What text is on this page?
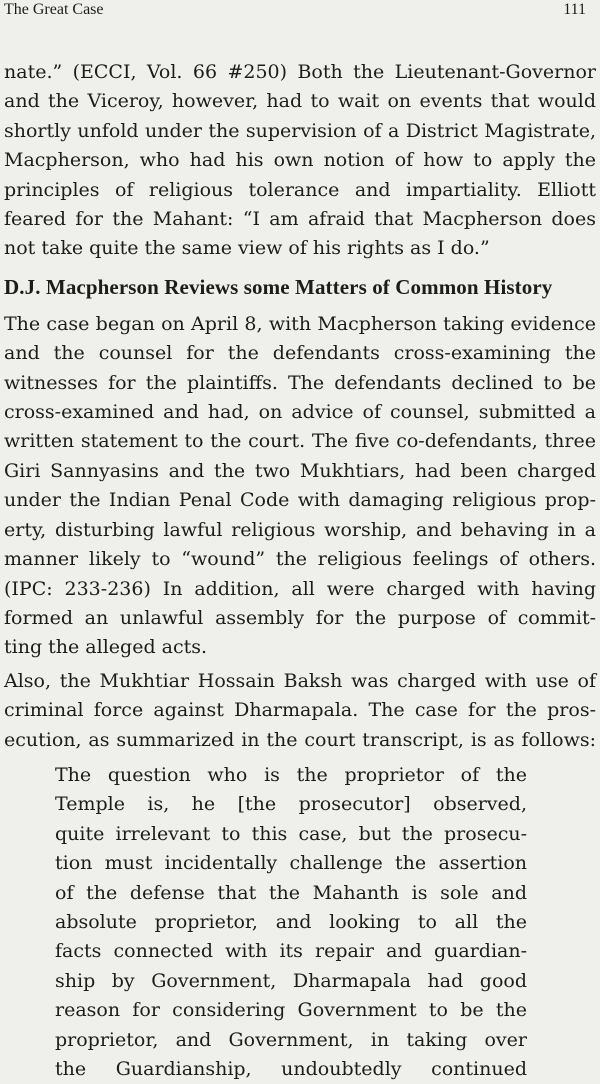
The Great Case	111

nate.” (ECCI, Vol. 66 #250) Both the Lieutenant-Governor
and the Viceroy, however, had to wait on events that would
shortly unfold under the supervision of a District Magistrate,
Macpherson, who had his own notion of how to apply the
principles of religious tolerance and impartiality. Elliott
feared for the Mahant: “I am afraid that Macpherson does
not take quite the same view of his rights as I do.”

D.J. Macpherson Reviews some Matters of Common History

The case began on April 8, with Macpherson taking evidence
and the counsel for the defendants cross-examining the
witnesses for the plaintiffs. The defendants declined to be
cross-examined and had, on advice of counsel, submitted a
written statement to the court. The five co-defendants, three
Giri Sannyasins and the two Mukhtiars, had been charged
under the Indian Penal Code with damaging religious prop-
erty, disturbing lawful religious worship, and behaving in a
manner likely to “wound” the religious feelings of others.
(IPC: 233-236) In addition, all were charged with having
formed an unlawful assembly for the purpose of commit-
ting the alleged acts.

Also, the Mukhtiar Hossain Baksh was charged with use of
criminal force against Dharmapala. The case for the pros-
ecution, as summarized in the court transcript, is as follows:

The question who is the proprietor of the
Temple is, he [the prosecutor] observed,
quite irrelevant to this case, but the prosecu-
tion must incidentally challenge the assertion
of the defense that the Mahanth is sole and
absolute proprietor, and looking to all the
facts connected with its repair and guardian-
ship by Government, Dharmapala had good
reason for considering Government to be the
proprietor, and Government, in taking over
the Guardianship, undoubtedly continued
